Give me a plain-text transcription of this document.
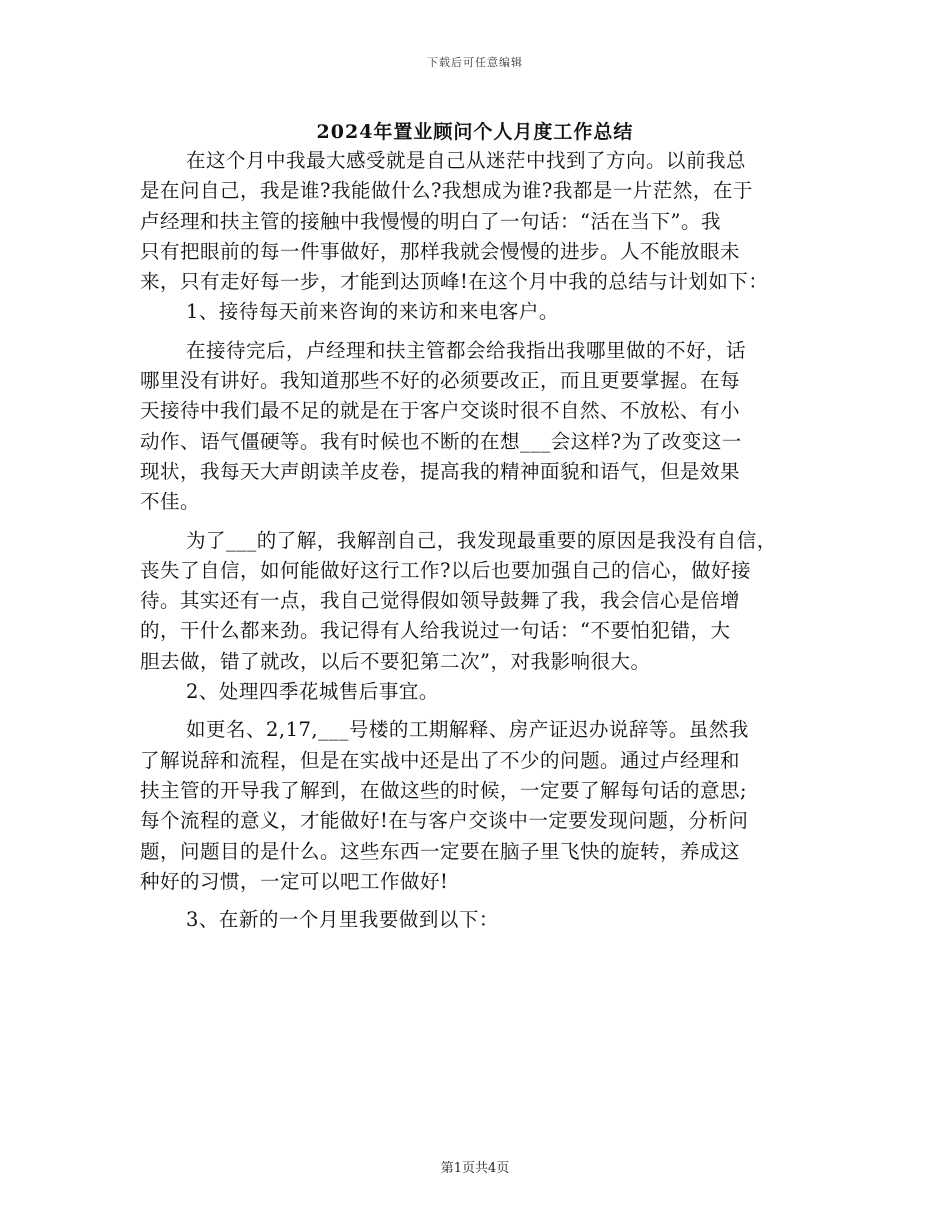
下载后可任意编辑
2024年置业顾问个人月度工作总结
在这个月中我最大感受就是自己从迷茫中找到了方向。以前我总
是在问自己，我是谁?我能做什么?我想成为谁?我都是一片茫然，在于
卢经理和扶主管的接触中我慢慢的明白了一句话：“活在当下”。我
只有把眼前的每一件事做好，那样我就会慢慢的进步。人不能放眼未
来，只有走好每一步，才能到达顶峰!在这个月中我的总结与计划如下：
1、接待每天前来咨询的来访和来电客户。
在接待完后，卢经理和扶主管都会给我指出我哪里做的不好，话
哪里没有讲好。我知道那些不好的必须要改正，而且更要掌握。在每
天接待中我们最不足的就是在于客户交谈时很不自然、不放松、有小
动作、语气僵硬等。我有时候也不断的在想___会这样?为了改变这一
现状，我每天大声朗读羊皮卷，提高我的精神面貌和语气，但是效果
不佳。
为了___的了解，我解剖自己，我发现最重要的原因是我没有自信，
丧失了自信，如何能做好这行工作?以后也要加强自己的信心，做好接
待。其实还有一点，我自己觉得假如领导鼓舞了我，我会信心是倍增
的，干什么都来劲。我记得有人给我说过一句话：“不要怕犯错，大
胆去做，错了就改，以后不要犯第二次”，对我影响很大。
2、处理四季花城售后事宜。
如更名、2,17,___号楼的工期解释、房产证迟办说辞等。虽然我
了解说辞和流程，但是在实战中还是出了不少的问题。通过卢经理和
扶主管的开导我了解到，在做这些的时候，一定要了解每句话的意思;
每个流程的意义，才能做好!在与客户交谈中一定要发现问题，分析问
题，问题目的是什么。这些东西一定要在脑子里飞快的旋转，养成这
种好的习惯，一定可以吧工作做好!
3、在新的一个月里我要做到以下：
第1页共4页
